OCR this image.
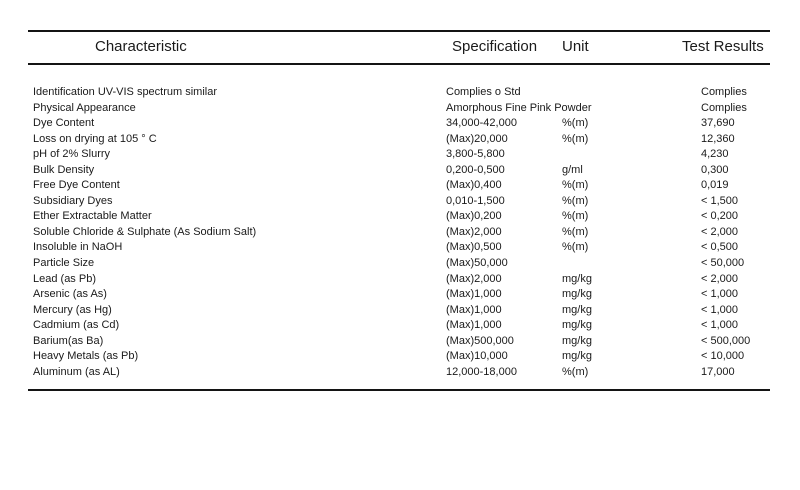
Characteristic	Specification Unit	Test Results
Identification UV-VIS spectrum similar	Complies o Std	Complies
Physical Appearance	Amorphous Fine Pink Powder	Complies
Dye Content	34,000-42,000	%(m)	37,690
Loss on drying at 105 ° C	(Max)20,000	%(m)	12,360
pH of 2% Slurry	3,800-5,800	4,230
Bulk Density	0,200-0,500	g/ml	0,300
Free Dye Content	(Max)0,400	%(m)	0,019
Subsidiary Dyes	0,010-1,500	%(m)	< 1,500
Ether Extractable Matter	(Max)0,200	%(m)	< 0,200
Soluble Chloride & Sulphate (As Sodium Salt)	(Max)2,000	%(m)	< 2,000
Insoluble in NaOH	(Max)0,500	%(m)	< 0,500
Particle Size	(Max)50,000	< 50,000
Lead (as Pb)	(Max)2,000	mg/kg	< 2,000
Arsenic (as As)	(Max)1,000	mg/kg	< 1,000
Mercury (as Hg)	(Max)1,000	mg/kg	< 1,000
Cadmium (as Cd)	(Max)1,000	mg/kg	< 1,000
Barium(as Ba)	(Max)500,000	mg/kg	< 500,000
Heavy Metals (as Pb)	(Max)10,000	mg/kg	< 10,000
Aluminum (as AL)	12,000-18,000	%(m)	17,000
